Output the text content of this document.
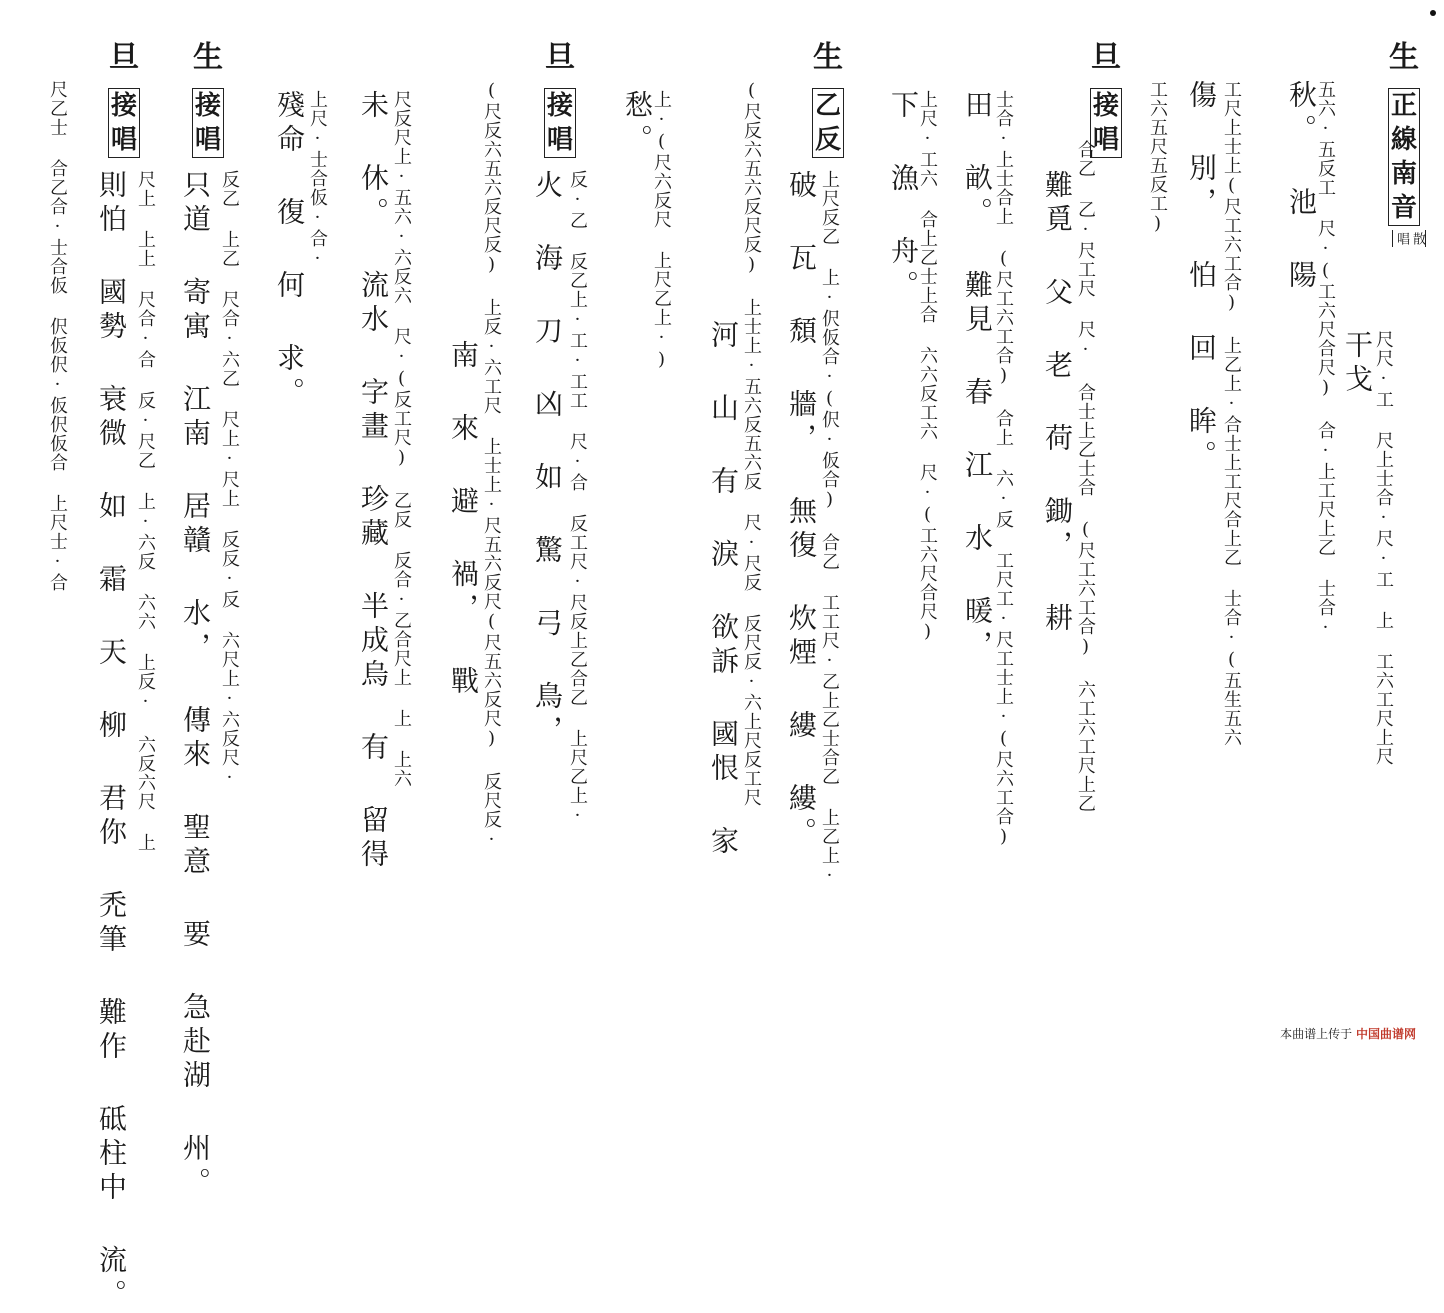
生
正
線
南
音
散唱
干戈 尺尺·工 尺上士合·尺·工 上 工六工尺上尺
秋。 池 陽
五六·五反工 尺·(工六尺合尺) 合·上工尺上乙 士合·
傷 別， 怕 回 眸。 工尺上士上(尺工六工合) 上乙上·合士上工尺合上乙 士合·(五生五六
旦
接
唱 工六五尺五反工)
難覓 父 老 荷 鋤， 耕 合乙 乙·尺工尺 尺· 合士上乙士合 (尺工六工合) 六工六工尺上乙
田 畝。 難見 春 江 水 暖， 士合·上士合上 (尺工六工合) 合上 六·反 工尺工·尺工士上·(尺六工合)
下 漁 舟。
上尺·工六 合上乙士上合 六六反工六 尺·(工六尺合尺)
生
乙
反
破 瓦 頹 牆， 無復 炊煙 縷 縷。 上尺反乙 上·伬仮合·(伬·仮合) 合乙 工工尺·乙上乙士合乙 上乙上·
河 山 有 淚 欲訴 國恨 家 (尺反六五六反尺反) 上士上·五六反五六反 尺·尺反 反尺反·六上尺反工尺
愁。
上·(尺六反尺 上尺乙上·)
旦
接
唱
火 海 刀 凶 如 驚 弓 鳥， 反·乙 反乙上·工·工工 尺·合 反工尺·尺反上乙合乙 上尺乙上·
南 來 避 禍， 戰 (尺反六五六反尺反) 上反·六工尺 上士上·尺五六反尺(尺五六反尺) 反尺反·
未 休。 流水 字畫 珍藏 半成烏 有 留得 尺反尺上·五六·六反六 尺·(反工尺) 乙反 反合·乙合尺上 上 上六
殘命 復 何 求。 上尺·士合仮·合·
生
接
唱
只道 寄寓 江南 居贛 水， 傳來 聖意 要 急赴湖 州。 反乙 上乙 尺合·六乙 尺上·尺上 反反·反 六尺上·六反尺·
旦
接
唱
則怕 國勢 衰微 如 霜 天 柳 君你 禿筆 難作 砥柱中 流。 尺上 上上 尺合·合 反·尺乙 上·六反 六六 上反· 六反六尺 上
尺乙士 合乙合·士合仮 伬仮伬·仮伬仮合 上尺士·合
本曲谱上传于 中国曲谱网
